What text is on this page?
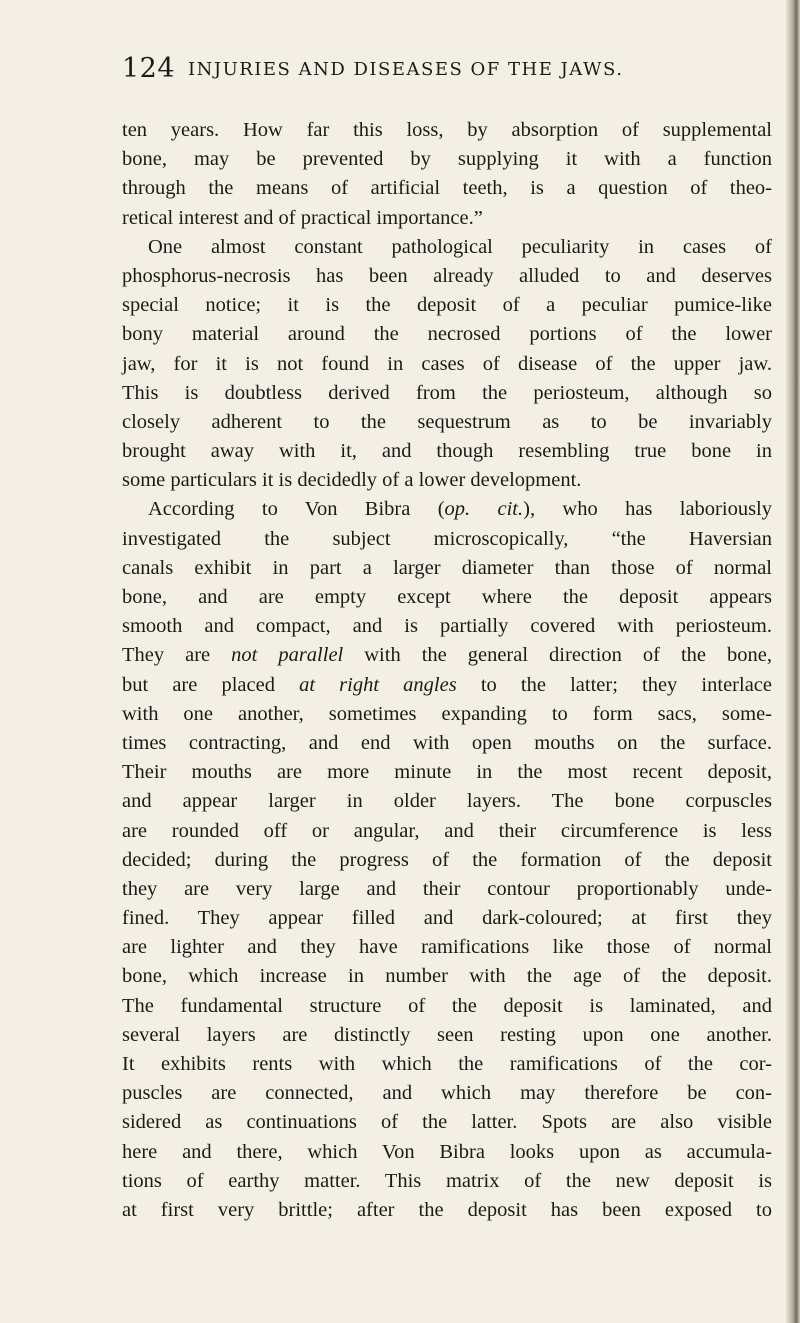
124 INJURIES AND DISEASES OF THE JAWS.
ten years. How far this loss, by absorption of supplemental
bone, may be prevented by supplying it with a function
through the means of artificial teeth, is a question of theo-
retical interest and of practical importance.”
One almost constant pathological peculiarity in cases of
phosphorus-necrosis has been already alluded to and deserves
special notice; it is the deposit of a peculiar pumice-like
bony material around the necrosed portions of the lower
jaw, for it is not found in cases of disease of the upper jaw.
This is doubtless derived from the periosteum, although so
closely adherent to the sequestrum as to be invariably
brought away with it, and though resembling true bone in
some particulars it is decidedly of a lower development.
According to Von Bibra (op. cit.), who has laboriously
investigated the subject microscopically, “the Haversian
canals exhibit in part a larger diameter than those of normal
bone, and are empty except where the deposit appears
smooth and compact, and is partially covered with periosteum.
They are not parallel with the general direction of the bone,
but are placed at right angles to the latter; they interlace
with one another, sometimes expanding to form sacs, some-
times contracting, and end with open mouths on the surface.
Their mouths are more minute in the most recent deposit,
and appear larger in older layers. The bone corpuscles
are rounded off or angular, and their circumference is less
decided; during the progress of the formation of the deposit
they are very large and their contour proportionably unde-
fined. They appear filled and dark-coloured; at first they
are lighter and they have ramifications like those of normal
bone, which increase in number with the age of the deposit.
The fundamental structure of the deposit is laminated, and
several layers are distinctly seen resting upon one another.
It exhibits rents with which the ramifications of the cor-
puscles are connected, and which may therefore be con-
sidered as continuations of the latter. Spots are also visible
here and there, which Von Bibra looks upon as accumula-
tions of earthy matter. This matrix of the new deposit is
at first very brittle; after the deposit has been exposed to
